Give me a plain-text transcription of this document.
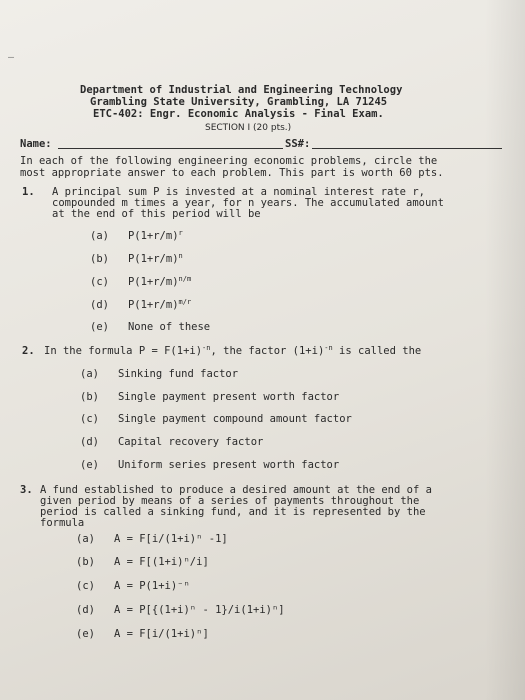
—
Department of Industrial and Engineering Technology
Grambling State University, Grambling, LA 71245
ETC-402: Engr. Economic Analysis - Final Exam.
SECTION I (20 pts.)
Name:	SS#:
In each of the following engineering economic problems, circle the
most appropriate answer to each problem. This part is worth 60 pts.
1. A principal sum P is invested at a nominal interest rate r,
compounded m times a year, for n years. The accumulated amount
at the end of this period will be
(a) $P(1+r/m)^r$
(b) $P(1+r/m)^n$
(c) $P(1+r/m)^{n/m}$
(d) $P(1+r/m)^{m/r}$
(e) None of these
2. In the formula $P = F(1+i)^{-n}$, the factor $(1+i)^{-n}$ is called the
(a) Sinking fund factor
(b) Single payment present worth factor
(c) Single payment compound amount factor
(d) Capital recovery factor
(e) Uniform series present worth factor
3. A fund established to produce a desired amount at the end of a
given period by means of a series of payments throughout the
period is called a sinking fund, and it is represented by the
formula
(a) A = F[i/(1+i)ⁿ -1]
(b) A = F[(1+i)ⁿ/i]
(c) A = P(1+i)⁻ⁿ
(d) A = P[{(1+i)ⁿ - 1}/i(1+i)ⁿ]
(e) A = F[i/(1+i)ⁿ]
